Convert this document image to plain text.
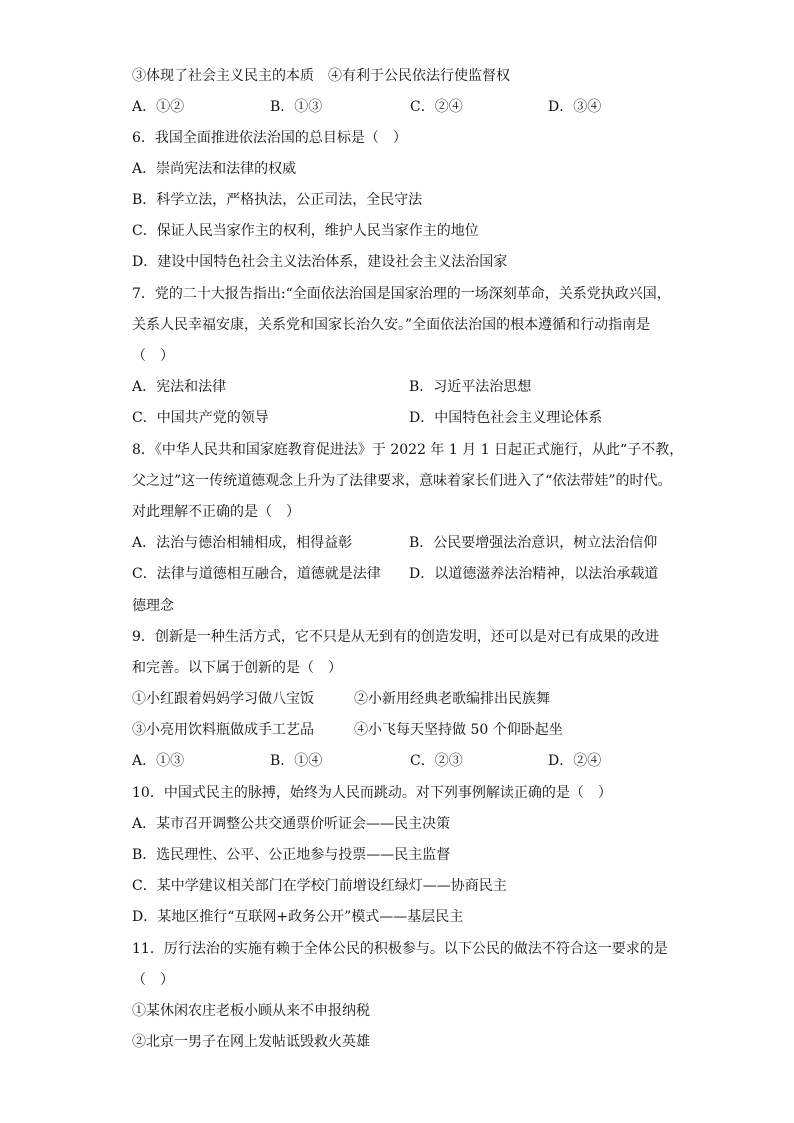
③体现了社会主义民主的本质　④有利于公民依法行使监督权
A．①②	B．①③	C．②④	D．③④
6．我国全面推进依法治国的总目标是（　）
A．崇尚宪法和法律的权威
B．科学立法，严格执法，公正司法，全民守法
C．保证人民当家作主的权利，维护人民当家作主的地位
D．建设中国特色社会主义法治体系，建设社会主义法治国家
7．党的二十大报告指出:“全面依法治国是国家治理的一场深刻革命，关系党执政兴国，
关系人民幸福安康，关系党和国家长治久安。”全面依法治国的根本遵循和行动指南是
（　）
A．宪法和法律	B．习近平法治思想
C．中国共产党的领导	D．中国特色社会主义理论体系
8．《中华人民共和国家庭教育促进法》于 2022 年 1 月 1 日起正式施行，从此“子不教，
父之过”这一传统道德观念上升为了法律要求，意味着家长们进入了“依法带娃”的时代。
对此理解不正确的是（　）
A．法治与德治相辅相成，相得益彰	B．公民要增强法治意识，树立法治信仰
C．法律与道德相互融合，道德就是法律 D．以道德滋养法治精神，以法治承载道
德理念
9．创新是一种生活方式，它不只是从无到有的创造发明，还可以是对已有成果的改进
和完善。以下属于创新的是（　）
①小红跟着妈妈学习做八宝饭	②小新用经典老歌编排出民族舞
③小亮用饮料瓶做成手工艺品	④小飞每天坚持做 50 个仰卧起坐
A．①③	B．①④	C．②③	D．②④
10．中国式民主的脉搏，始终为人民而跳动。对下列事例解读正确的是（　）
A．某市召开调整公共交通票价听证会——民主决策
B．选民理性、公平、公正地参与投票——民主监督
C．某中学建议相关部门在学校门前增设红绿灯——协商民主
D．某地区推行“互联网+政务公开”模式——基层民主
11．厉行法治的实施有赖于全体公民的积极参与。以下公民的做法不符合这一要求的是
（　）
①某休闲农庄老板小顾从来不申报纳税
②北京一男子在网上发帖诋毁救火英雄
